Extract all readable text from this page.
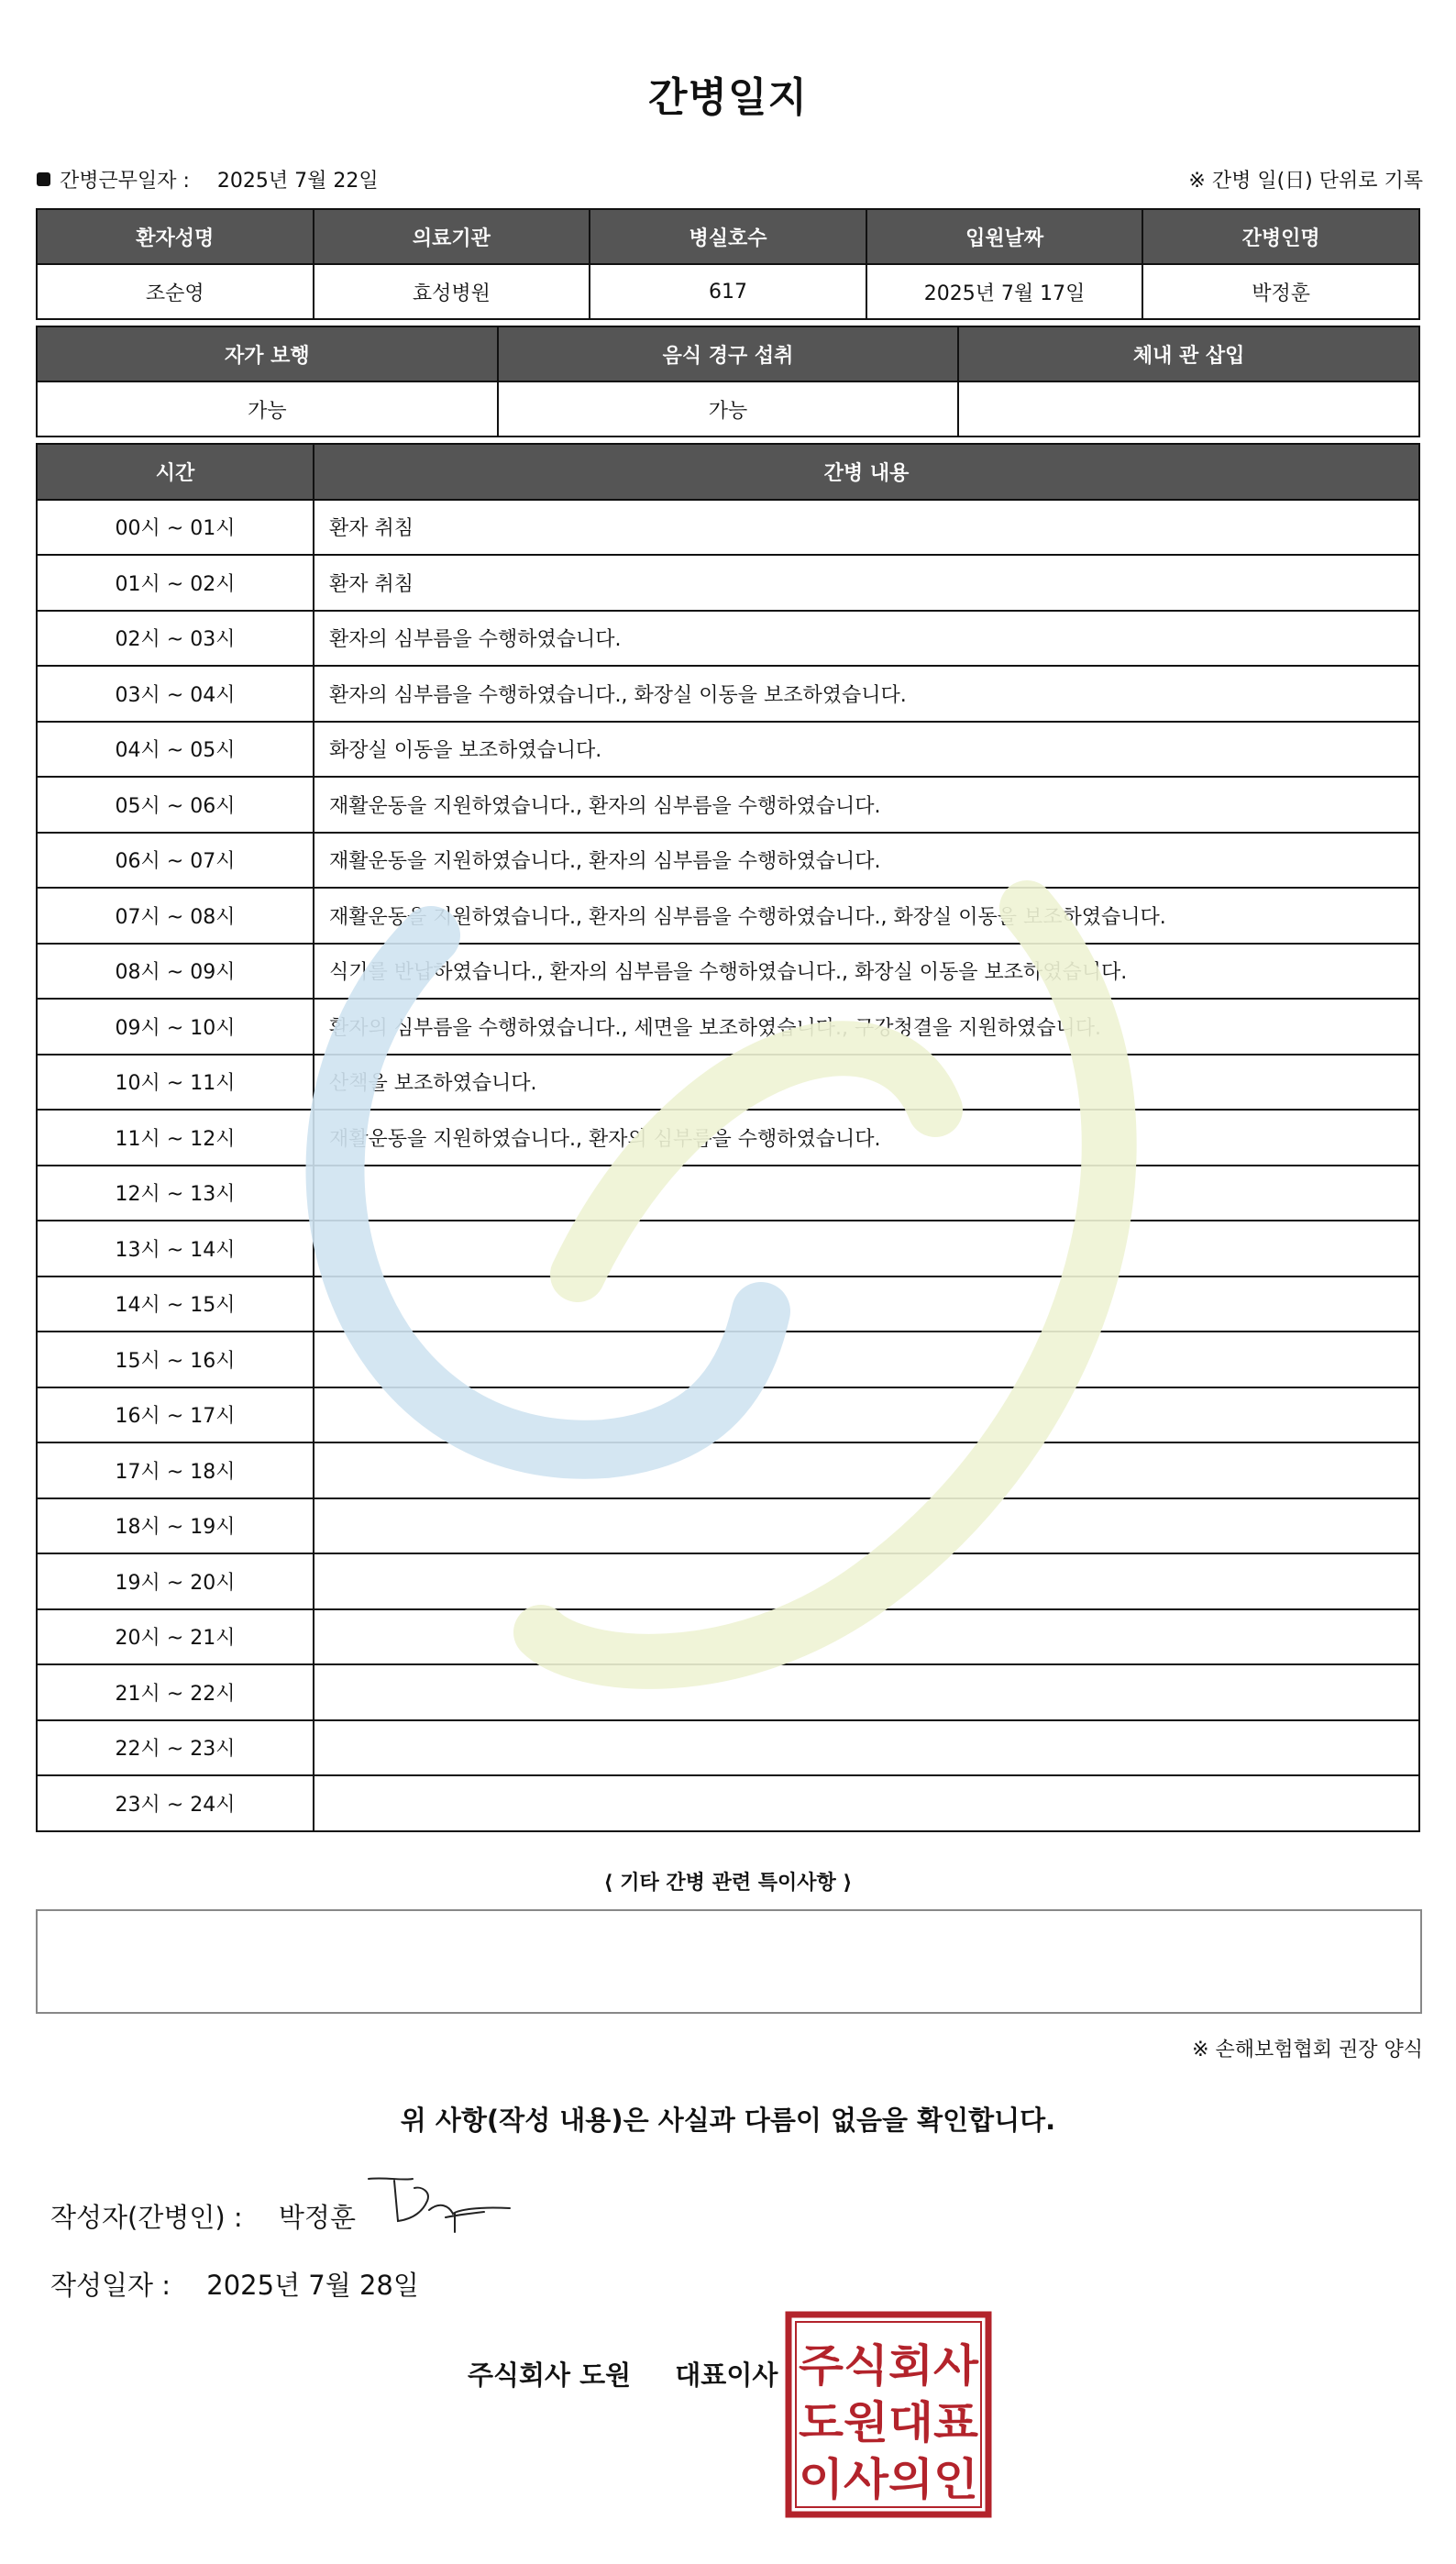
간병일지
간병근무일자 : 2025년 7월 22일	※ 간병 일(日) 단위로 기록
환자성명	의료기관	병실호수	입원날짜	간병인명
조순영	효성병원	617	2025년 7월 17일	박정훈
자가 보행	음식 경구 섭취	체내 관 삽입
가능	가능	
시간	간병 내용
00시 ~ 01시	환자 취침
01시 ~ 02시	환자 취침
02시 ~ 03시	환자의 심부름을 수행하였습니다.
03시 ~ 04시	환자의 심부름을 수행하였습니다., 화장실 이동을 보조하였습니다.
04시 ~ 05시	화장실 이동을 보조하였습니다.
05시 ~ 06시	재활운동을 지원하였습니다., 환자의 심부름을 수행하였습니다.
06시 ~ 07시	재활운동을 지원하였습니다., 환자의 심부름을 수행하였습니다.
07시 ~ 08시	재활운동을 지원하였습니다., 환자의 심부름을 수행하였습니다., 화장실 이동을 보조하였습니다.
08시 ~ 09시	식기를 반납하였습니다., 환자의 심부름을 수행하였습니다., 화장실 이동을 보조하였습니다.
09시 ~ 10시	환자의 심부름을 수행하였습니다., 세면을 보조하였습니다., 구강청결을 지원하였습니다.
10시 ~ 11시	산책을 보조하였습니다.
11시 ~ 12시	재활운동을 지원하였습니다., 환자의 심부름을 수행하였습니다.
12시 ~ 13시	
13시 ~ 14시	
14시 ~ 15시	
15시 ~ 16시	
16시 ~ 17시	
17시 ~ 18시	
18시 ~ 19시	
19시 ~ 20시	
20시 ~ 21시	
21시 ~ 22시	
22시 ~ 23시	
23시 ~ 24시	
⟨ 기타 간병 관련 특이사항 ⟩
※ 손해보험협회 권장 양식
위 사항(작성 내용)은 사실과 다름이 없음을 확인합니다.
작성자(간병인) : 박정훈
작성일자 : 2025년 7월 28일
주식회사 도원 대표이사 주식회사
도원대표
이사의인
